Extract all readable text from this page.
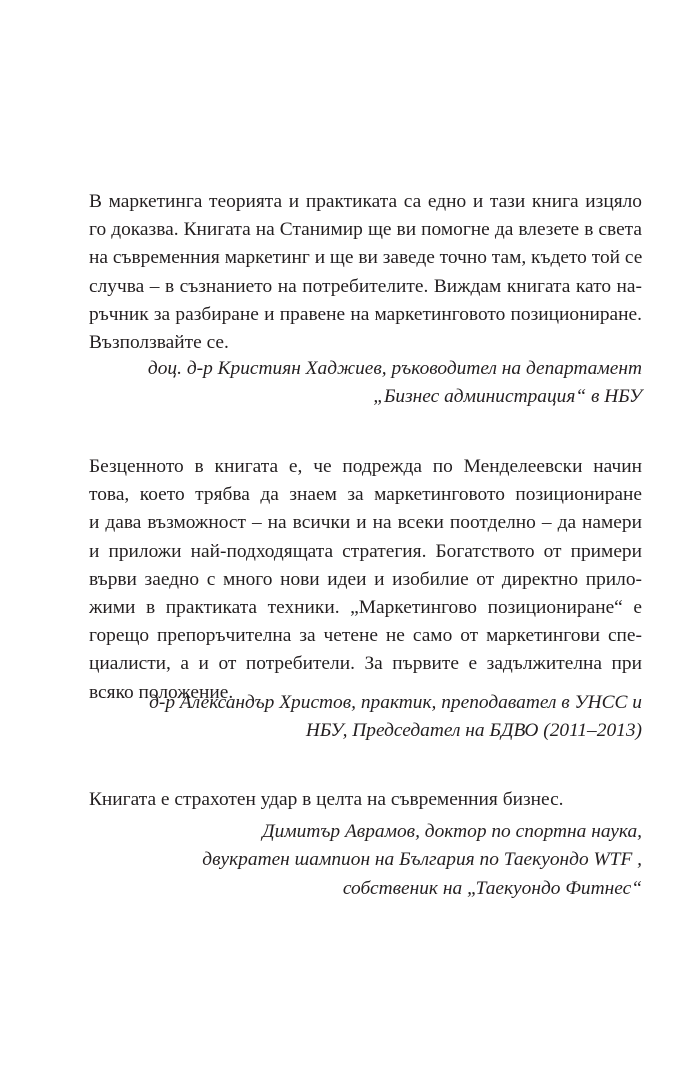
В маркетинга теорията и практиката са едно и тази книга изцяло

го доказва. Книгата на Станимир ще ви помогне да влезете в света

на съвременния маркетинг и ще ви заведе точно там, където той се

случва – в съзнанието на потребителите. Виждам книгата като на-

ръчник за разбиране и правене на маркетинговото позициониране.

Възползвайте се.

доц. д-р Кристиян Хаджиев, ръководител на департамент

„Бизнес администрация“ в НБУ

Безценното в книгата е, че подрежда по Менделеевски начин

това, което трябва да знаем за маркетинговото позициониране

и дава възможност – на всички и на всеки поотделно – да намери

и приложи най-подходящата стратегия. Богатството от примери

върви заедно с много нови идеи и изобилие от директно прило-

жими в практиката техники. „Маркетингово позициониране“ е

горещо препоръчителна за четене не само от маркетингови спе-

циалисти, а и от потребители. За първите е задължителна при

всяко положение.

д-р Александър Христов, практик, преподавател в УНСС и

НБУ, Председател на БДВО (2011–2013)

Книгата е страхотен удар в целта на съвременния бизнес.

Димитър Аврамов, доктор по спортна наука,

двукратен шампион на България по Таекуондо WTF ,

собственик на „Таекуондо Фитнес“
